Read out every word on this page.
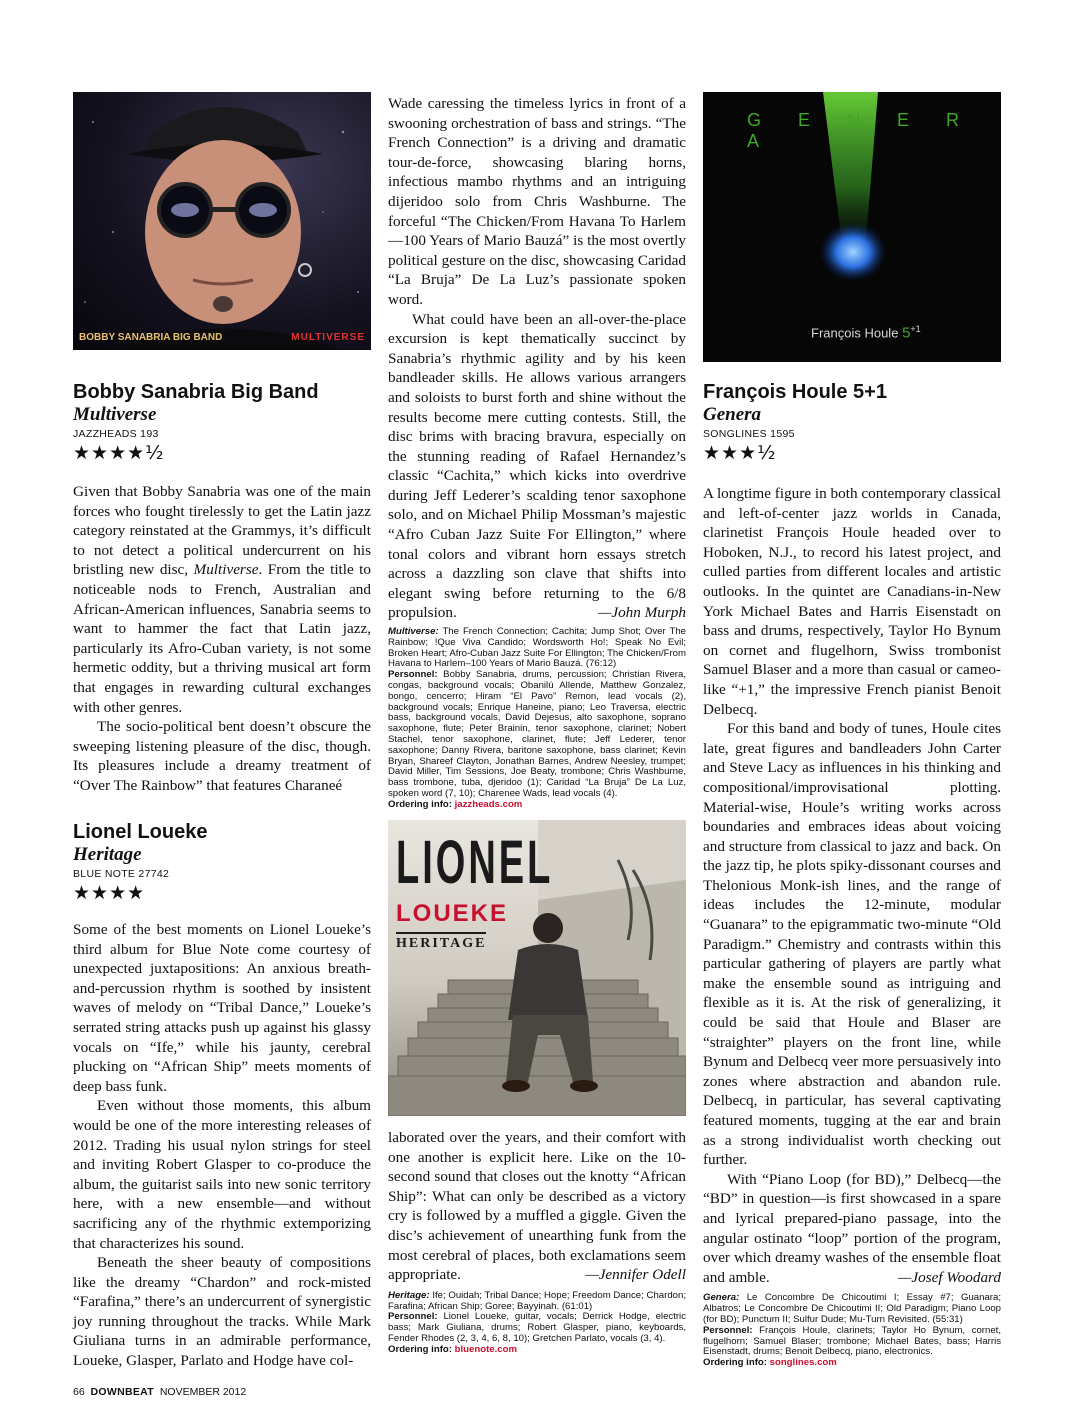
BOBBY SANABRIA BIG BAND	MULTIVERSE

Bobby Sanabria Big Band

Multiverse

JAZZHEADS 193

★★★★½

Given that Bobby Sanabria was one of the main forces who fought tirelessly to get the Latin jazz category reinstated at the Grammys, it’s difficult to not detect a political undercurrent on his bristling new disc, Multiverse. From the title to noticeable nods to French, Australian and African-American influences, Sanabria seems to want to hammer the fact that Latin jazz, particularly its Afro-Cuban variety, is not some hermetic oddity, but a thriving musical art form that engages in rewarding cultural exchanges with other genres.

The socio-political bent doesn’t obscure the sweeping listening pleasure of the disc, though. Its pleasures include a dreamy treatment of “Over The Rainbow” that features Charaneé

Lionel Loueke

Heritage

BLUE NOTE 27742

★★★★

Some of the best moments on Lionel Loueke’s third album for Blue Note come courtesy of unexpected juxtapositions: An anxious breath-and-percussion rhythm is soothed by insistent waves of melody on “Tribal Dance,” Loueke’s serrated string attacks push up against his glassy vocals on “Ife,” while his jaunty, cerebral plucking on “African Ship” meets moments of deep bass funk.

Even without those moments, this album would be one of the more interesting releases of 2012. Trading his usual nylon strings for steel and inviting Robert Glasper to co-produce the album, the guitarist sails into new sonic territory here, with a new ensemble—and without sacrificing any of the rhythmic extemporizing that characterizes his sound.

Beneath the sheer beauty of compositions like the dreamy “Chardon” and rock-misted “Farafina,” there’s an undercurrent of synergistic joy running throughout the tracks. While Mark Giuliana turns in an admirable performance, Loueke, Glasper, Parlato and Hodge have col-

Wade caressing the timeless lyrics in front of a swooning orchestration of bass and strings. “The French Connection” is a driving and dramatic tour-de-force, showcasing blaring horns, infectious mambo rhythms and an intriguing dijeridoo solo from Chris Washburne. The forceful “The Chicken/From Havana To Harlem—100 Years of Mario Bauzá” is the most overtly political gesture on the disc, showcasing Caridad “La Bruja” De La Luz’s passionate spoken word.

What could have been an all-over-the-place excursion is kept thematically succinct by Sanabria’s rhythmic agility and by his keen bandleader skills. He allows various arrangers and soloists to burst forth and shine without the results become mere cutting contests. Still, the disc brims with bracing bravura, especially on the stunning reading of Rafael Hernandez’s classic “Cachita,” which kicks into overdrive during Jeff Lederer’s scalding tenor saxophone solo, and on Michael Philip Mossman’s majestic “Afro Cuban Jazz Suite For Ellington,” where tonal colors and vibrant horn essays stretch across a dazzling son clave that shifts into elegant swing before returning to the 6/8 propulsion.	—John Murph

Multiverse: The French Connection; Cachita; Jump Shot; Over The Rainbow; !Que Viva Candido; Wordsworth Ho!; Speak No Evil; Broken Heart; Afro-Cuban Jazz Suite For Ellington; The Chicken/From Havana to Harlem–100 Years of Mario Bauzá. (76:12)

Personnel: Bobby Sanabria, drums, percussion; Christian Rivera, congas, background vocals; Obanilú Allende, Matthew Gonzalez, bongo, cencerro; Hiram “El Pavo” Remon, lead vocals (2), background vocals; Enrique Haneine, piano; Leo Traversa, electric bass, background vocals, David Dejesus, alto saxophone, soprano saxophone, flute; Peter Brainin, tenor saxophone, clarinet; Nobert Stachel, tenor saxophone, clarinet, flute; Jeff Lederer, tenor saxophone; Danny Rivera, baritone saxophone, bass clarinet; Kevin Bryan, Shareef Clayton, Jonathan Barnes, Andrew Neesley, trumpet; David Miller, Tim Sessions, Joe Beaty, trombone; Chris Washburne, bass trombone, tuba, djeridoo (1); Caridad “La Bruja” De La Luz, spoken word (7, 10); Charenee Wads, lead vocals (4).

Ordering info: jazzheads.com

LIONEL
LOUEKE
HERITAGE

laborated over the years, and their comfort with one another is explicit here. Like on the 10-second sound that closes out the knotty “African Ship”: What can only be described as a victory cry is followed by a muffled a giggle. Given the disc’s achievement of unearthing funk from the most cerebral of places, both exclamations seem appropriate.	—Jennifer Odell

Heritage: Ife; Ouidah; Tribal Dance; Hope; Freedom Dance; Chardon; Farafina; African Ship; Goree; Bayyinah. (61:01)

Personnel: Lionel Loueke, guitar, vocals; Derrick Hodge, electric bass; Mark Giuliana, drums; Robert Glasper, piano, keyboards, Fender Rhodes (2, 3, 4, 6, 8, 10); Gretchen Parlato, vocals (3, 4).

Ordering info: bluenote.com

G E N E R A
François Houle $5^{+1}$

François Houle 5+1

Genera

SONGLINES 1595

★★★½

A longtime figure in both contemporary classical and left-of-center jazz worlds in Canada, clarinetist François Houle headed over to Hoboken, N.J., to record his latest project, and culled parties from different locales and artistic outlooks. In the quintet are Canadians-in-New York Michael Bates and Harris Eisenstadt on bass and drums, respectively, Taylor Ho Bynum on cornet and flugelhorn, Swiss trombonist Samuel Blaser and a more than casual or cameo-like “+1,” the impressive French pianist Benoit Delbecq.

For this band and body of tunes, Houle cites late, great figures and bandleaders John Carter and Steve Lacy as influences in his thinking and compositional/improvisational plotting. Material-wise, Houle’s writing works across boundaries and embraces ideas about voicing and structure from classical to jazz and back. On the jazz tip, he plots spiky-dissonant courses and Thelonious Monk-ish lines, and the range of ideas includes the 12-minute, modular “Guanara” to the epigrammatic two-minute “Old Paradigm.” Chemistry and contrasts within this particular gathering of players are partly what make the ensemble sound as intriguing and flexible as it is. At the risk of generalizing, it could be said that Houle and Blaser are “straighter” players on the front line, while Bynum and Delbecq veer more persuasively into zones where abstraction and abandon rule. Delbecq, in particular, has several captivating featured moments, tugging at the ear and brain as a strong individualist worth checking out further.

With “Piano Loop (for BD),” Delbecq—the “BD” in question—is first showcased in a spare and lyrical prepared-piano passage, into the angular ostinato “loop” portion of the program, over which dreamy washes of the ensemble float and amble.	—Josef Woodard

Genera: Le Concombre De Chicoutimi I; Essay #7; Guanara; Albatros; Le Concombre De Chicoutimi II; Old Paradigm; Piano Loop (for BD); Punctum II; Sulfur Dude; Mu-Turn Revisited. (55:31)

Personnel: François Houle, clarinets; Taylor Ho Bynum, cornet, flugelhorn; Samuel Blaser; trombone; Michael Bates, bass; Harris Eisenstadt, drums; Benoit Delbecq, piano, electronics.

Ordering info: songlines.com

66 DOWNBEAT NOVEMBER 2012
